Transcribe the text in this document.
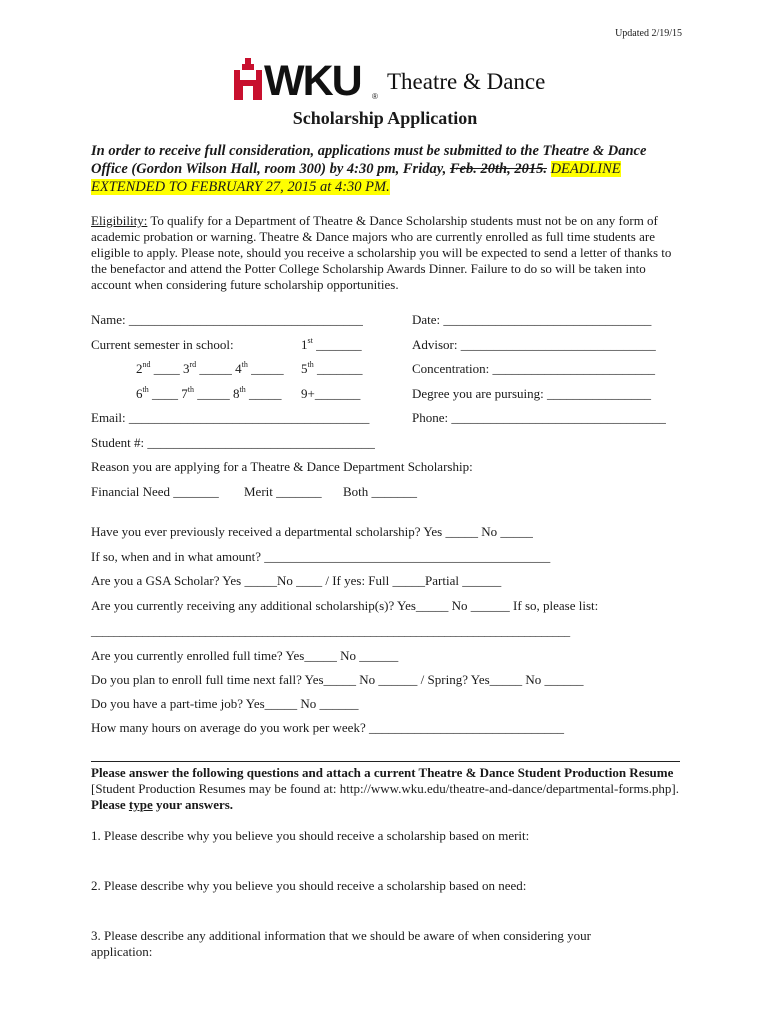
Updated 2/19/15
WKU ®
Theatre & Dance
Scholarship Application
In order to receive full consideration, applications must be submitted to the Theatre & Dance Office (Gordon Wilson Hall, room 300) by 4:30 pm, Friday, Feb. 20th, 2015. DEADLINE EXTENDED TO FEBRUARY 27, 2015 at 4:30 PM.
Eligibility: To qualify for a Department of Theatre & Dance Scholarship students must not be on any form of academic probation or warning. Theatre & Dance majors who are currently enrolled as full time students are eligible to apply. Please note, should you receive a scholarship you will be expected to send a letter of thanks to the benefactor and attend the Potter College Scholarship Awards Dinner. Failure to do so will be taken into account when considering future scholarship opportunities.
Name: ____________________________________	Date: ________________________________
Current semester in school:	1st _______	Advisor: ______________________________
2nd ____ 3rd _____ 4th _____ 5th _______	Concentration: _________________________
6th ____ 7th _____ 8th _____ 9+_______	Degree you are pursuing: ________________
Email: _____________________________________	Phone: _________________________________
Student #: ___________________________________
Reason you are applying for a Theatre & Dance Department Scholarship:
Financial Need _______ Merit _______ Both _______
Have you ever previously received a departmental scholarship? Yes _____ No _____
If so, when and in what amount? ____________________________________________
Are you a GSA Scholar? Yes _____No ____ / If yes: Full _____Partial ______
Are you currently receiving any additional scholarship(s)? Yes_____ No ______ If so, please list:
____________________________________________________________________________________
Are you currently enrolled full time? Yes_____ No ______
Do you plan to enroll full time next fall? Yes_____ No ______ / Spring? Yes_____ No ______
Do you have a part-time job? Yes_____ No ______
How many hours on average do you work per week? ______________________________
Please answer the following questions and attach a current Theatre & Dance Student Production Resume [Student Production Resumes may be found at: http://www.wku.edu/theatre-and-dance/departmental-forms.php]. Please type your answers.
1. Please describe why you believe you should receive a scholarship based on merit:
2. Please describe why you believe you should receive a scholarship based on need:
3. Please describe any additional information that we should be aware of when considering your application:
